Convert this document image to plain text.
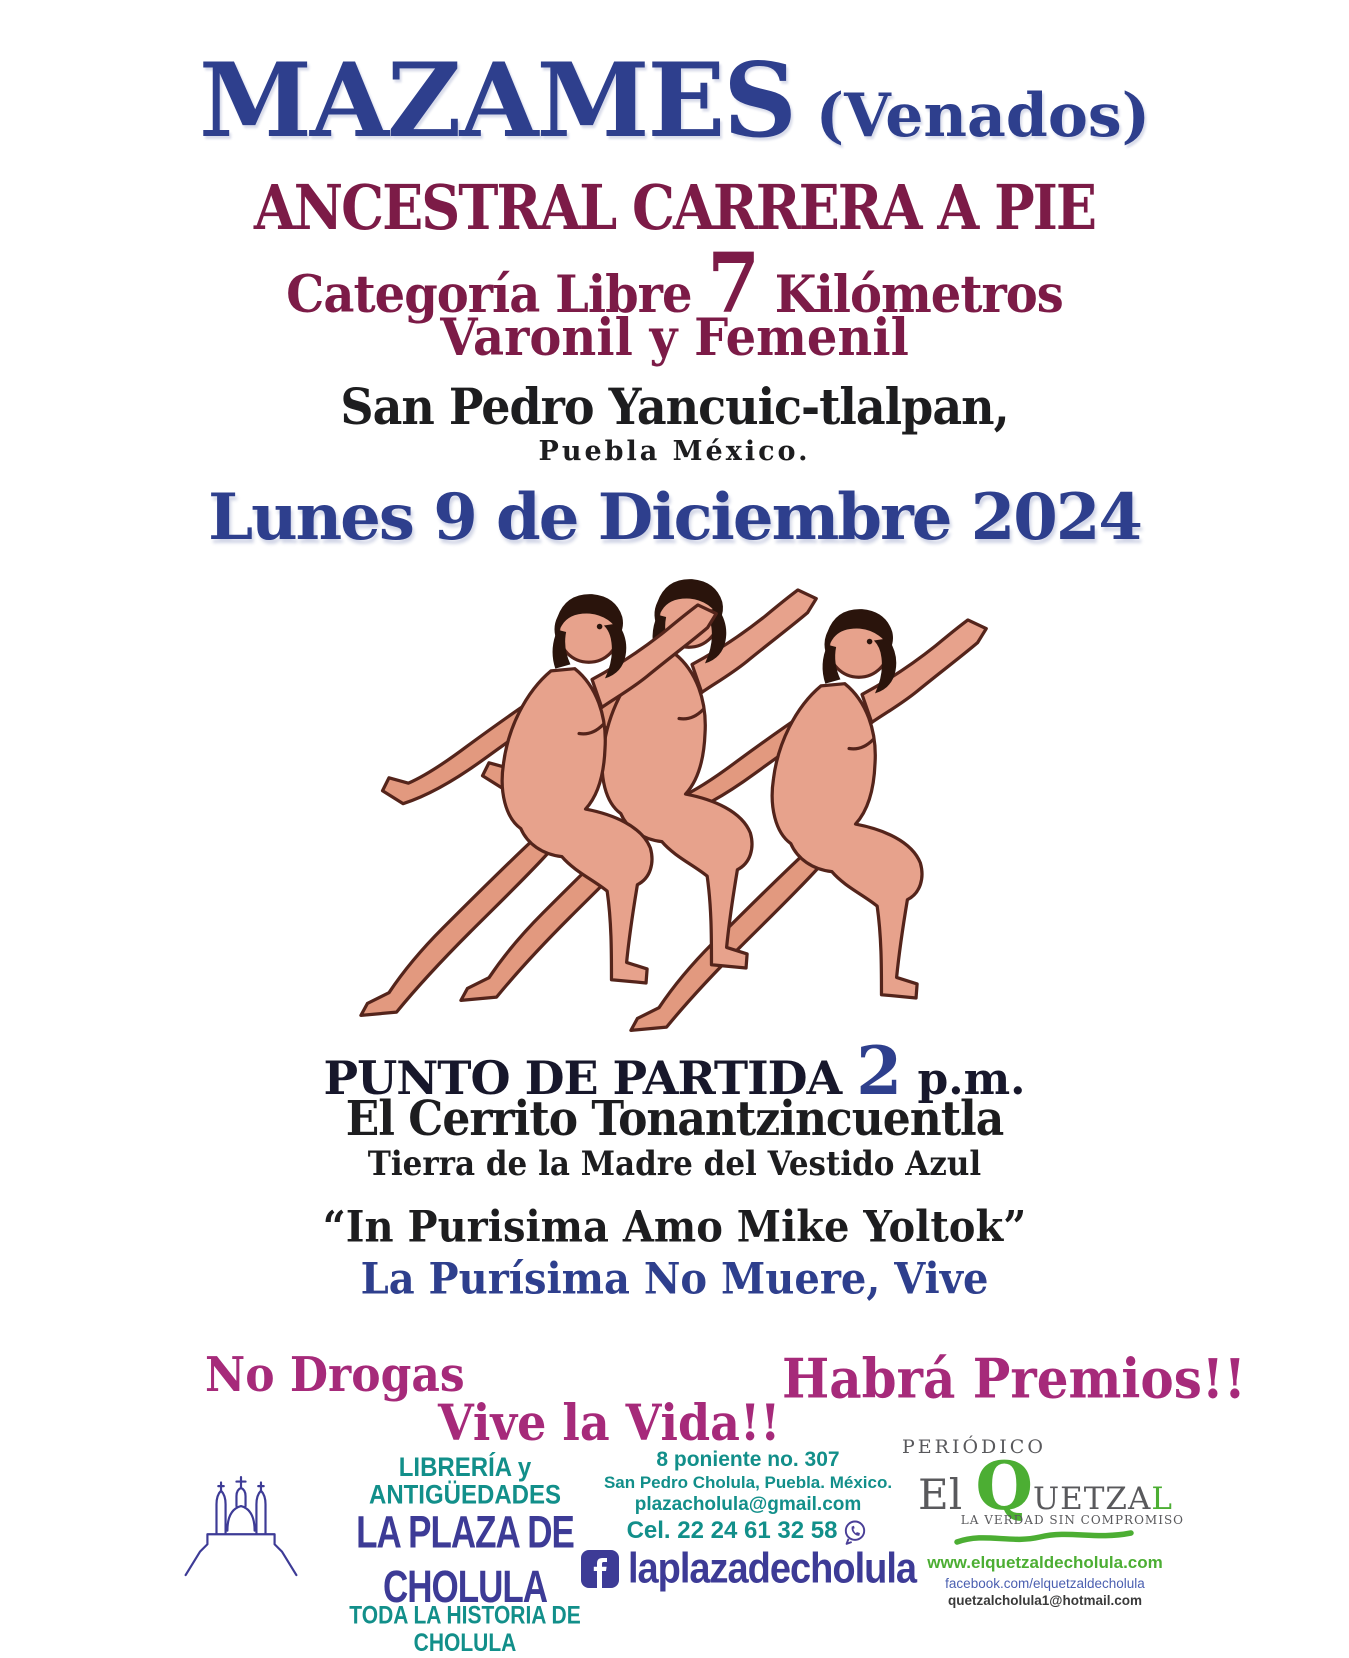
MAZAMES (Venados)
ANCESTRAL CARRERA A PIE
Categoría Libre 7 Kilómetros
Varonil y Femenil
San Pedro Yancuic-tlalpan,
Puebla México.
Lunes 9 de Diciembre 2024
PUNTO DE PARTIDA 2 p.m.
El Cerrito Tonantzincuentla
Tierra de la Madre del Vestido Azul
“In Purisima Amo Mike Yoltok”
La Purísima No Muere, Vive
No Drogas
Vive la Vida!!
Habrá Premios!!
LIBRERÍA y ANTIGÜEDADES
LA PLAZA DE CHOLULA
TODA LA HISTORIA DE CHOLULA
8 poniente no. 307
San Pedro Cholula, Puebla. México.
plazacholula@gmail.com
Cel. 22 24 61 32 58
laplazadecholula
PERIÓDICO
El QUETZAL
LA VERDAD SIN COMPROMISO
www.elquetzaldecholula.com
facebook.com/elquetzaldecholula
quetzalcholula1@hotmail.com
